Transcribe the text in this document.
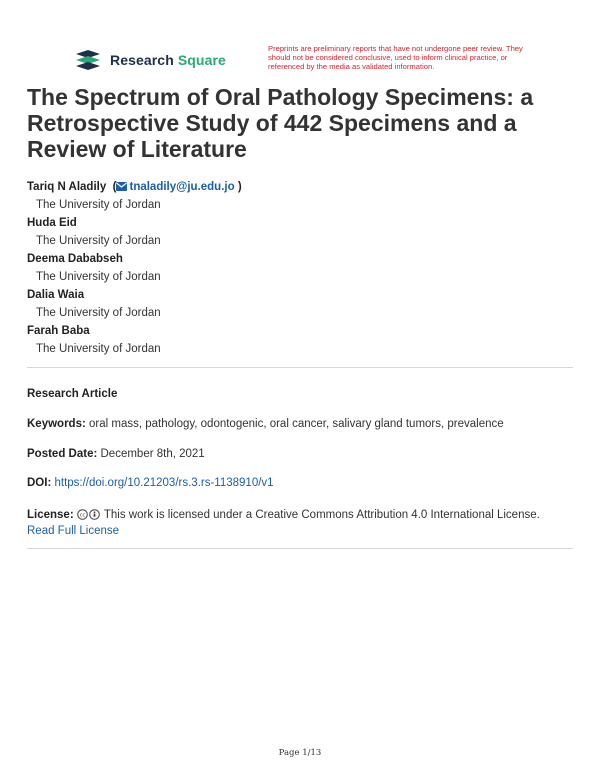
Research Square
Preprints are preliminary reports that have not undergone peer review. They should not be considered conclusive, used to inform clinical practice, or referenced by the media as validated information.
The Spectrum of Oral Pathology Specimens: a Retrospective Study of 442 Specimens and a Review of Literature
Tariq N Aladily  ( tnaladily@ju.edu.jo )
The University of Jordan
Huda Eid
The University of Jordan
Deema Dababseh
The University of Jordan
Dalia Waia
The University of Jordan
Farah Baba
The University of Jordan
Research Article
Keywords: oral mass, pathology, odontogenic, oral cancer, salivary gland tumors, prevalence
Posted Date: December 8th, 2021
DOI: https://doi.org/10.21203/rs.3.rs-1138910/v1
License: cc This work is licensed under a Creative Commons Attribution 4.0 International License.
Read Full License
Page 1/13
